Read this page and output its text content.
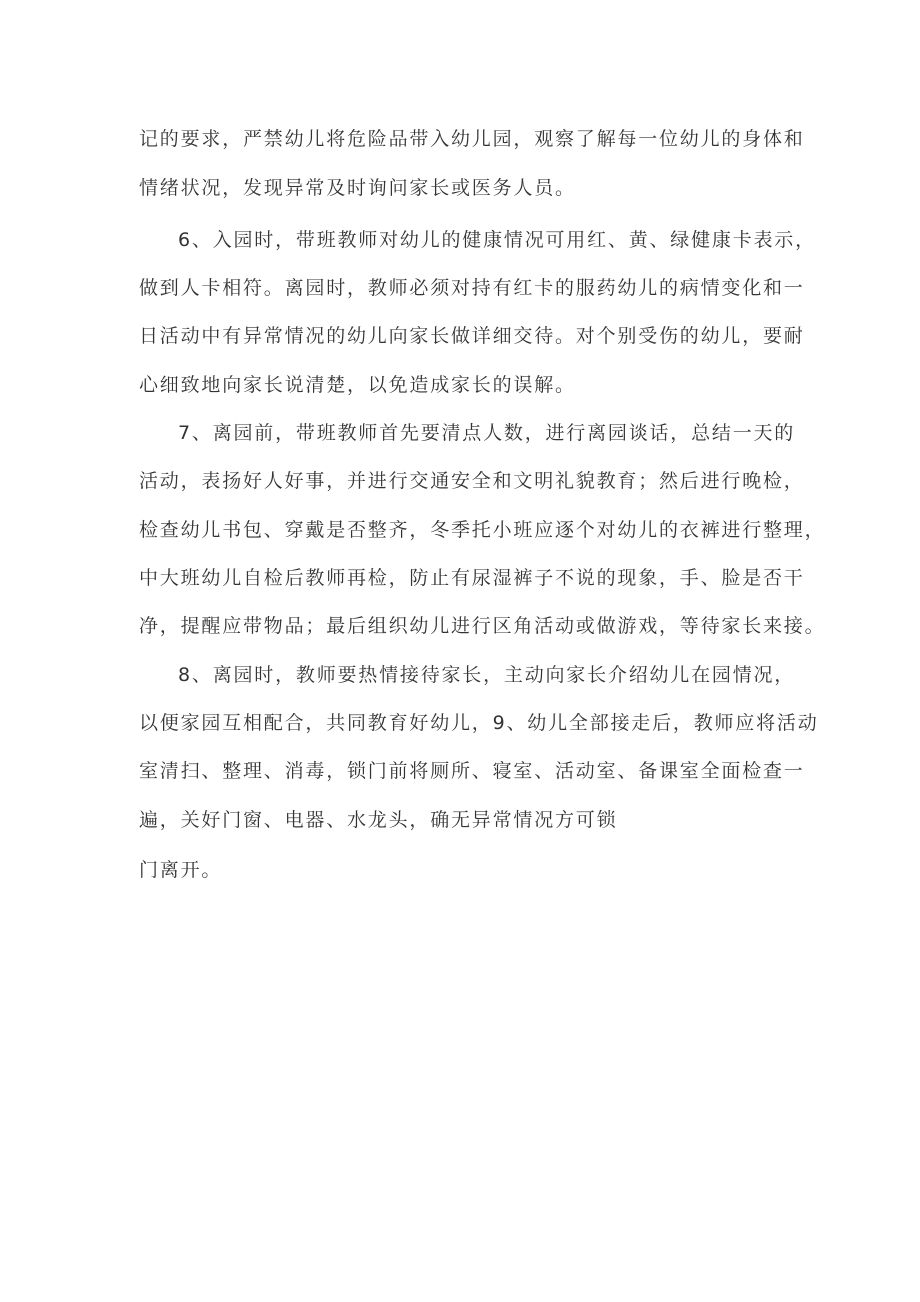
记的要求，严禁幼儿将危险品带入幼儿园，观察了解每一位幼儿的身体和
情绪状况，发现异常及时询问家长或医务人员。
6、入园时，带班教师对幼儿的健康情况可用红、黄、绿健康卡表示，
做到人卡相符。离园时，教师必须对持有红卡的服药幼儿的病情变化和一
日活动中有异常情况的幼儿向家长做详细交待。对个别受伤的幼儿，要耐
心细致地向家长说清楚，以免造成家长的误解。
7、离园前，带班教师首先要清点人数，进行离园谈话，总结一天的
活动，表扬好人好事，并进行交通安全和文明礼貌教育；然后进行晚检，
检查幼儿书包、穿戴是否整齐，冬季托小班应逐个对幼儿的衣裤进行整理，
中大班幼儿自检后教师再检，防止有尿湿裤子不说的现象，手、脸是否干
净，提醒应带物品；最后组织幼儿进行区角活动或做游戏，等待家长来接。
8、离园时，教师要热情接待家长，主动向家长介绍幼儿在园情况，
以便家园互相配合，共同教育好幼儿，9、幼儿全部接走后，教师应将活动
室清扫、整理、消毒，锁门前将厕所、寝室、活动室、备课室全面检查一
遍，关好门窗、电器、水龙头，确无异常情况方可锁
门离开。
